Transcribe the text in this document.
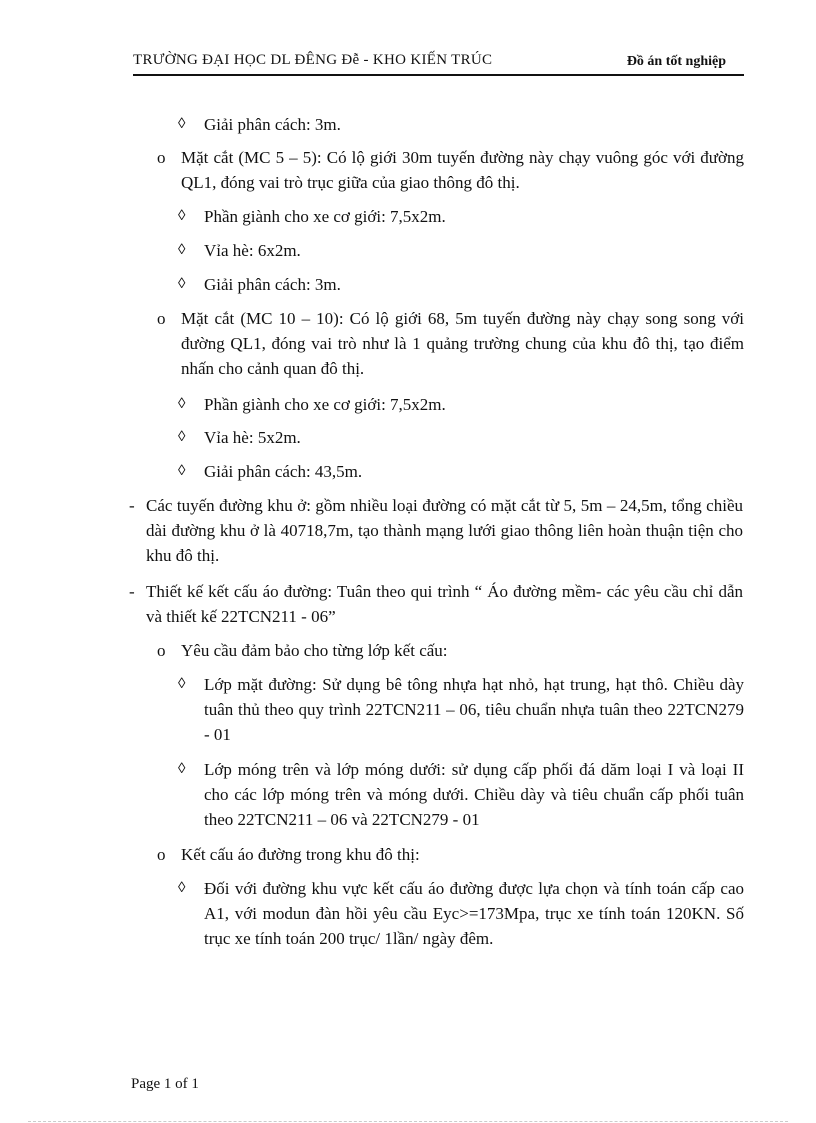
TRƯỜNG ĐẠI HỌC DL ĐÊNG Đễ - KHO KIẾN TRÚC	Đồ án tốt nghiệp
◊	Giải phân cách: 3m.
o Mặt cắt (MC 5 – 5): Có lộ giới 30m tuyến đường này chạy vuông góc với đường QL1, đóng vai trò trục giữa của giao thông đô thị.
◊	Phần giành cho xe cơ giới: 7,5x2m.
◊	Vỉa hè: 6x2m.
◊	Giải phân cách: 3m.
o Mặt cắt (MC 10 – 10): Có lộ giới 68, 5m tuyến đường này chạy song song với đường QL1, đóng vai trò như là 1 quảng trường chung của khu đô thị, tạo điểm nhấn cho cảnh quan đô thị.
◊	Phần giành cho xe cơ giới: 7,5x2m.
◊	Vỉa hè: 5x2m.
◊	Giải phân cách: 43,5m.
- Các tuyến đường khu ở: gồm nhiều loại đường có mặt cắt từ 5, 5m – 24,5m, tổng chiều dài đường khu ở là 40718,7m, tạo thành mạng lưới giao thông liên hoàn thuận tiện cho khu đô thị.
- Thiết kế kết cấu áo đường: Tuân theo qui trình “ Áo đường mềm- các yêu cầu chỉ dẫn và thiết kế 22TCN211 - 06”
o Yêu cầu đảm bảo cho từng lớp kết cấu:
◊	Lớp mặt đường: Sử dụng bê tông nhựa hạt nhỏ, hạt trung, hạt thô. Chiều dày tuân thủ theo quy trình 22TCN211 – 06, tiêu chuẩn nhựa tuân theo 22TCN279 - 01
◊	Lớp móng trên và lớp móng dưới: sử dụng cấp phối đá dăm loại I và loại II cho các lớp móng trên và móng dưới. Chiều dày và tiêu chuẩn cấp phối tuân theo 22TCN211 – 06 và 22TCN279 - 01
o Kết cấu áo đường trong khu đô thị:
◊	Đối với đường khu vực kết cấu áo đường được lựa chọn và tính toán cấp cao A1, với modun đàn hồi yêu cầu Eyc>=173Mpa, trục xe tính toán 120KN. Số trục xe tính toán 200 trục/ 1lần/ ngày đêm.
Page 1 of 1
